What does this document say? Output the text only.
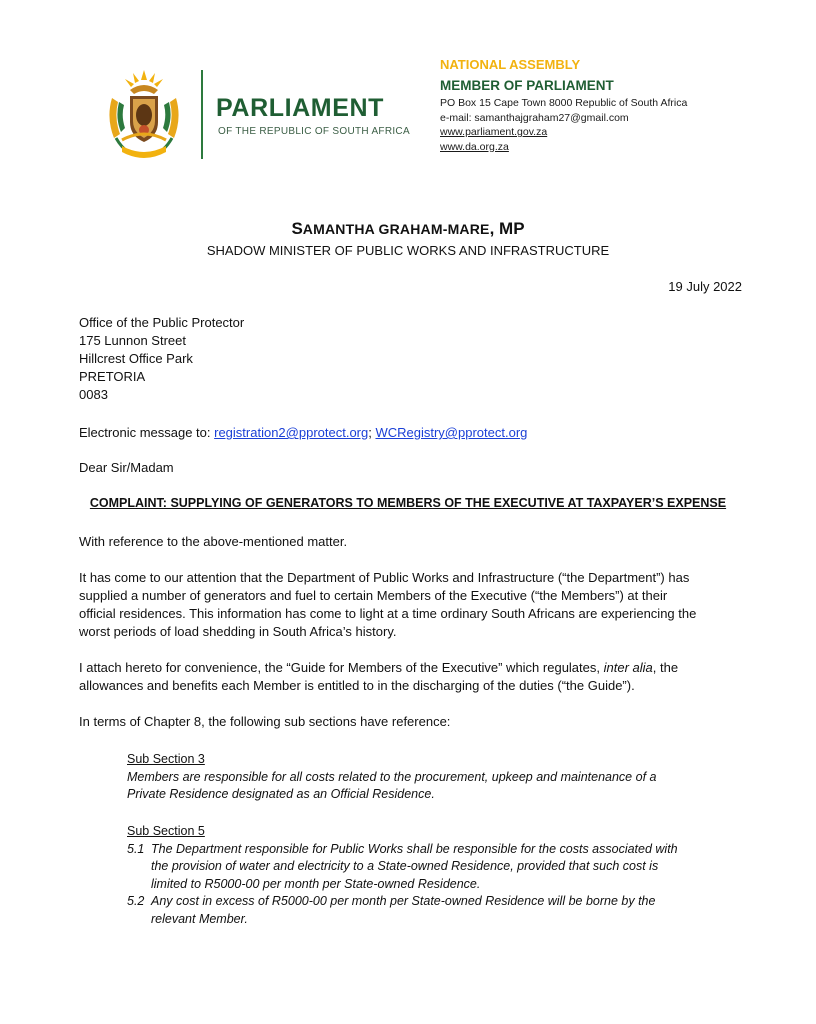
PARLIAMENT
OF THE REPUBLIC OF SOUTH AFRICA
NATIONAL ASSEMBLY
MEMBER OF PARLIAMENT
PO Box 15 Cape Town 8000 Republic of South Africa
e-mail: samanthajgraham27@gmail.com
www.parliament.gov.za
www.da.org.za
SAMANTHA GRAHAM-MARE, MP
SHADOW MINISTER OF PUBLIC WORKS AND INFRASTRUCTURE
19 July 2022
Office of the Public Protector
175 Lunnon Street
Hillcrest Office Park
PRETORIA
0083
Electronic message to: registration2@pprotect.org; WCRegistry@pprotect.org
Dear Sir/Madam
COMPLAINT: SUPPLYING OF GENERATORS TO MEMBERS OF THE EXECUTIVE AT TAXPAYER’S EXPENSE
With reference to the above-mentioned matter.
It has come to our attention that the Department of Public Works and Infrastructure (“the Department”) has
supplied a number of generators and fuel to certain Members of the Executive (“the Members”) at their
official residences. This information has come to light at a time ordinary South Africans are experiencing the
worst periods of load shedding in South Africa’s history.
I attach hereto for convenience, the “Guide for Members of the Executive” which regulates, inter alia, the
allowances and benefits each Member is entitled to in the discharging of the duties (“the Guide”).
In terms of Chapter 8, the following sub sections have reference:
Sub Section 3
Members are responsible for all costs related to the procurement, upkeep and maintenance of a
Private Residence designated as an Official Residence.
Sub Section 5
5.1 The Department responsible for Public Works shall be responsible for the costs associated with
the provision of water and electricity to a State-owned Residence, provided that such cost is
limited to R5000-00 per month per State-owned Residence.
5.2 Any cost in excess of R5000-00 per month per State-owned Residence will be borne by the
relevant Member.
